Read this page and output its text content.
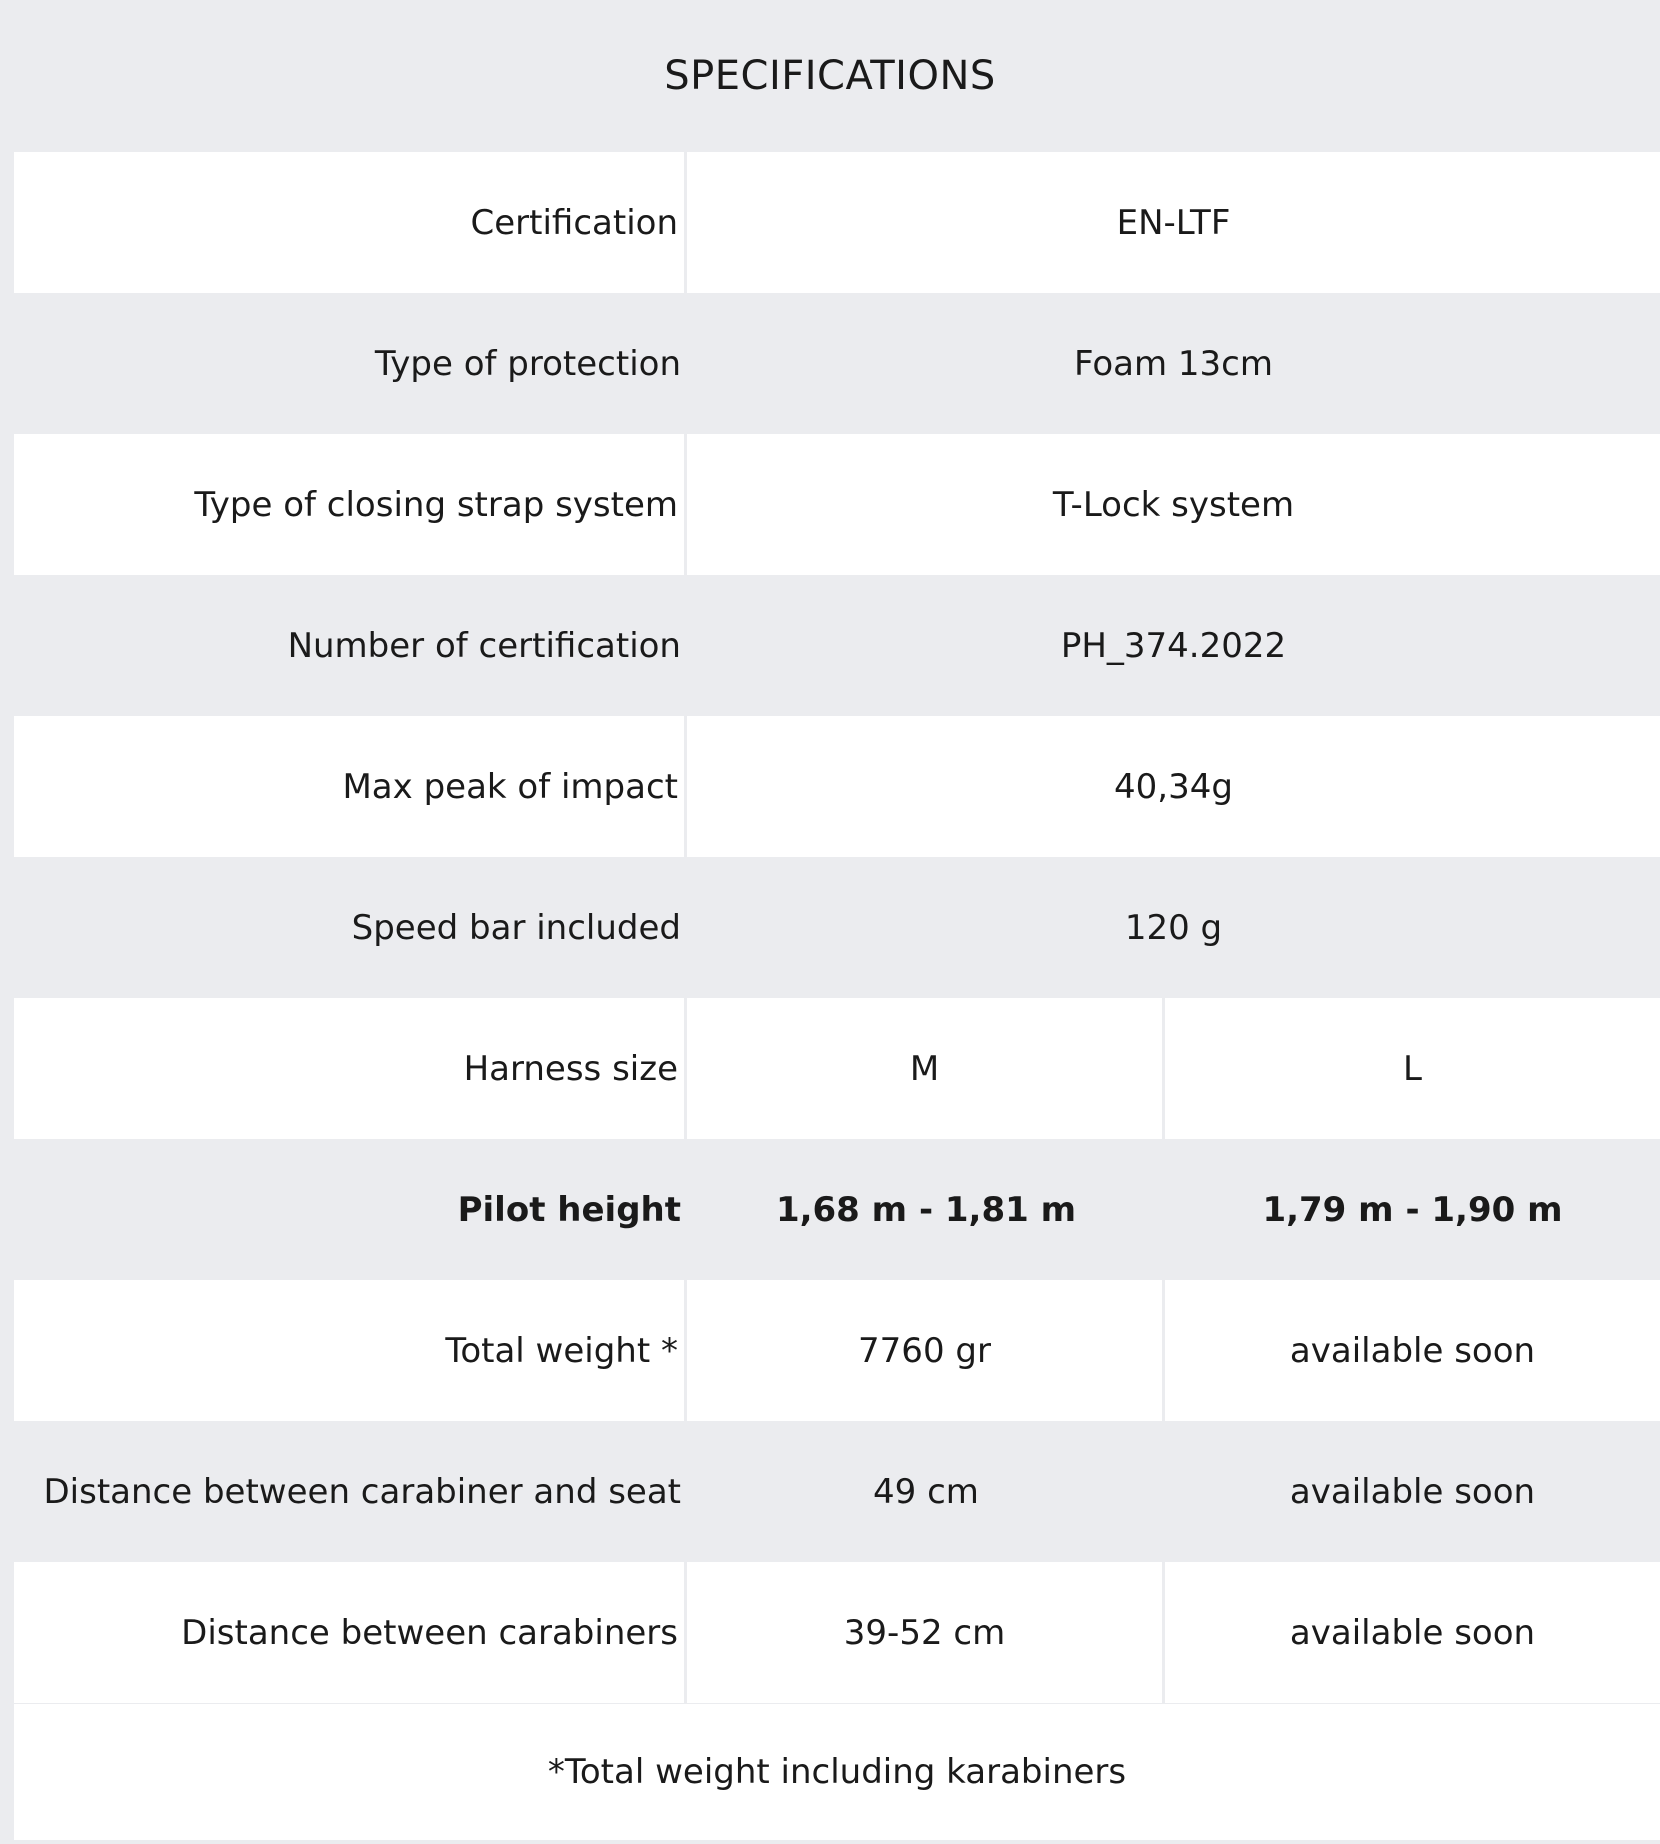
SPECIFICATIONS
Certification	EN-LTF
Type of protection	Foam 13cm
Type of closing strap system	T-Lock system
Number of certification	PH_374.2022
Max peak of impact	40,34g
Speed bar included	120 g
Harness size	M	L
Pilot height	1,68 m - 1,81 m	1,79 m - 1,90 m
Total weight *	7760 gr	available soon
Distance between carabiner and seat	49 cm	available soon
Distance between carabiners	39-52 cm	available soon
*Total weight including karabiners
